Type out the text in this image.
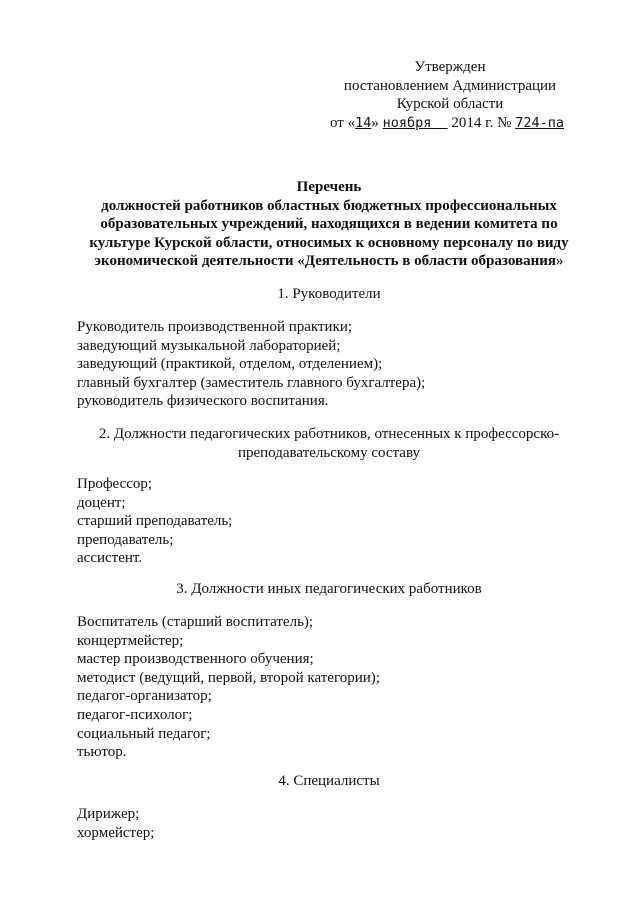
Утвержден
постановлением Администрации
Курской области
от «14» ноября 2014 г. № 724-па
Перечень
должностей работников областных бюджетных профессиональных
образовательных учреждений, находящихся в ведении комитета по
культуре Курской области, относимых к основному персоналу по виду
экономической деятельности «Деятельность в области образования»
1. Руководители
Руководитель производственной практики;
заведующий музыкальной лабораторией;
заведующий (практикой, отделом, отделением);
главный бухгалтер (заместитель главного бухгалтера);
руководитель физического воспитания.
2. Должности педагогических работников, отнесенных к профессорско-
преподавательскому составу
Профессор;
доцент;
старший преподаватель;
преподаватель;
ассистент.
3. Должности иных педагогических работников
Воспитатель (старший воспитатель);
концертмейстер;
мастер производственного обучения;
методист (ведущий, первой, второй категории);
педагог-организатор;
педагог-психолог;
социальный педагог;
тьютор.
4. Специалисты
Дирижер;
хормейстер;
